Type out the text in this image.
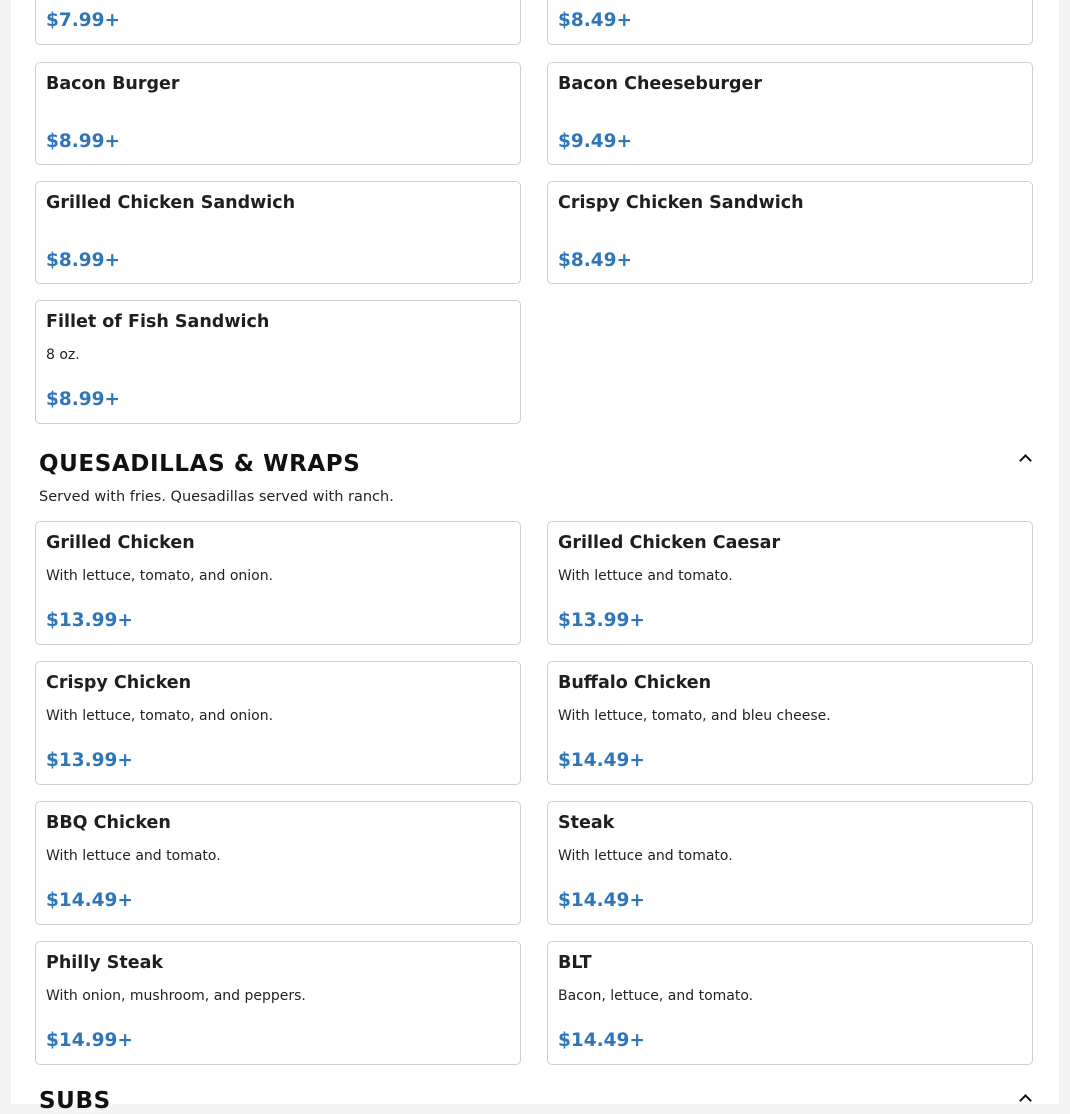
$7.99+	$8.49+
Bacon Burger
$8.99+
Bacon Cheeseburger
$9.49+
Grilled Chicken Sandwich
$8.99+
Crispy Chicken Sandwich
$8.49+
Fillet of Fish Sandwich
8 oz.
$8.99+
QUESADILLAS & WRAPS
Served with fries. Quesadillas served with ranch.
Grilled Chicken
With lettuce, tomato, and onion.
$13.99+
Grilled Chicken Caesar
With lettuce and tomato.
$13.99+
Crispy Chicken
With lettuce, tomato, and onion.
$13.99+
Buffalo Chicken
With lettuce, tomato, and bleu cheese.
$14.49+
BBQ Chicken
With lettuce and tomato.
$14.49+
Steak
With lettuce and tomato.
$14.49+
Philly Steak
With onion, mushroom, and peppers.
$14.99+
BLT
Bacon, lettuce, and tomato.
$14.49+
SUBS
